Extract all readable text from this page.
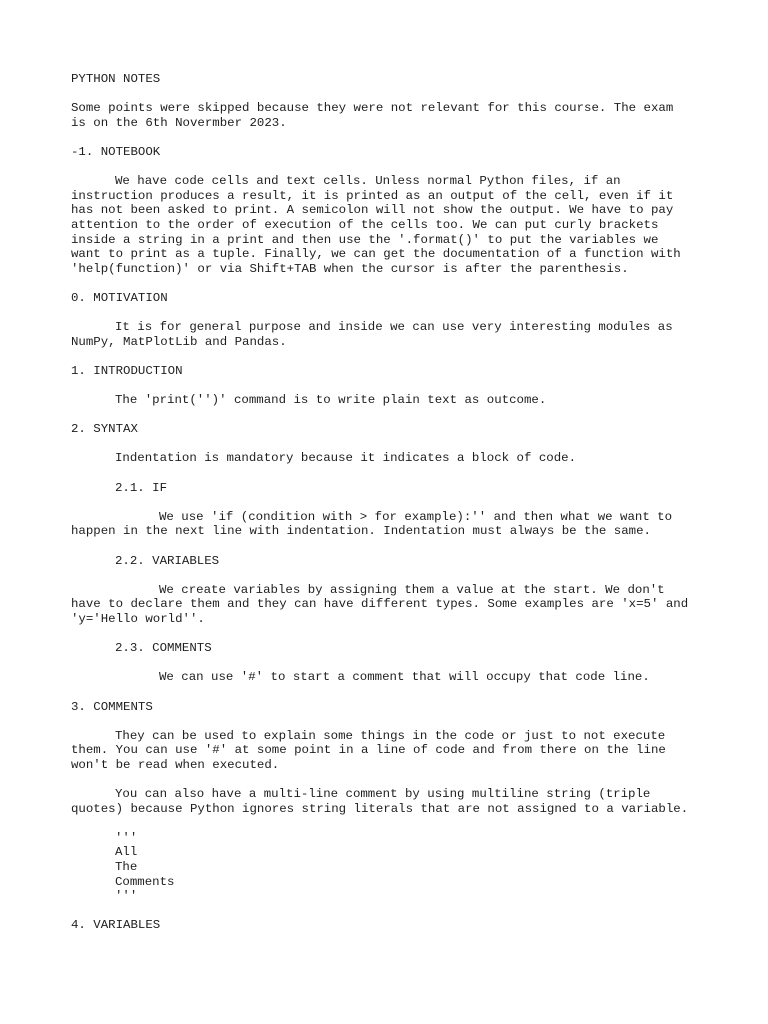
PYTHON NOTES
Some points were skipped because they were not relevant for this course. The exam
is on the 6th Novermber 2023.
-1. NOTEBOOK
We have code cells and text cells. Unless normal Python files, if an
instruction produces a result, it is printed as an output of the cell, even if it
has not been asked to print. A semicolon will not show the output. We have to pay
attention to the order of execution of the cells too. We can put curly brackets
inside a string in a print and then use the '.format()' to put the variables we
want to print as a tuple. Finally, we can get the documentation of a function with
'help(function)' or via Shift+TAB when the cursor is after the parenthesis.
0. MOTIVATION
It is for general purpose and inside we can use very interesting modules as
NumPy, MatPlotLib and Pandas.
1. INTRODUCTION
The 'print('')' command is to write plain text as outcome.
2. SYNTAX
Indentation is mandatory because it indicates a block of code.
2.1. IF
We use 'if (condition with > for example):'' and then what we want to
happen in the next line with indentation. Indentation must always be the same.
2.2. VARIABLES
We create variables by assigning them a value at the start. We don't
have to declare them and they can have different types. Some examples are 'x=5' and
'y='Hello world''.
2.3. COMMENTS
We can use '#' to start a comment that will occupy that code line.
3. COMMENTS
They can be used to explain some things in the code or just to not execute
them. You can use '#' at some point in a line of code and from there on the line
won't be read when executed.
You can also have a multi-line comment by using multiline string (triple
quotes) because Python ignores string literals that are not assigned to a variable.
'''
All
The
Comments
'''
4. VARIABLES
